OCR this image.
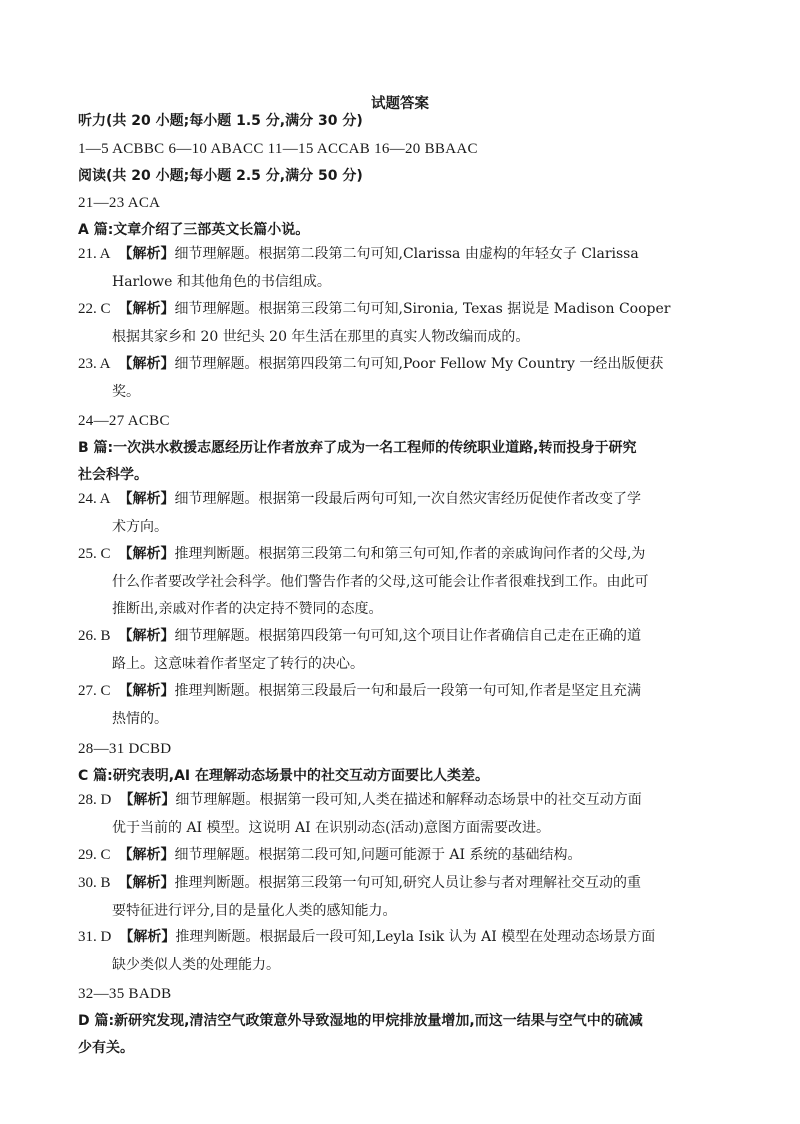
试题答案
听力(共 20 小题;每小题 1.5 分,满分 30 分)
1—5 ACBBC 6—10 ABACC 11—15 ACCAB 16—20 BBAAC
阅读(共 20 小题;每小题 2.5 分,满分 50 分)
21—23 ACA
A 篇:文章介绍了三部英文长篇小说。
21. A 【解析】细节理解题。根据第二段第二句可知,Clarissa 由虚构的年轻女子 Clarissa
Harlowe 和其他角色的书信组成。
22. C 【解析】细节理解题。根据第三段第二句可知,Sironia, Texas 据说是 Madison Cooper
根据其家乡和 20 世纪头 20 年生活在那里的真实人物改编而成的。
23. A 【解析】细节理解题。根据第四段第二句可知,Poor Fellow My Country 一经出版便获
奖。
24—27 ACBC
B 篇:一次洪水救援志愿经历让作者放弃了成为一名工程师的传统职业道路,转而投身于研究
社会科学。
24. A 【解析】细节理解题。根据第一段最后两句可知,一次自然灾害经历促使作者改变了学
术方向。
25. C 【解析】推理判断题。根据第三段第二句和第三句可知,作者的亲戚询问作者的父母,为
什么作者要改学社会科学。他们警告作者的父母,这可能会让作者很难找到工作。由此可
推断出,亲戚对作者的决定持不赞同的态度。
26. B 【解析】细节理解题。根据第四段第一句可知,这个项目让作者确信自己走在正确的道
路上。这意味着作者坚定了转行的决心。
27. C 【解析】推理判断题。根据第三段最后一句和最后一段第一句可知,作者是坚定且充满
热情的。
28—31 DCBD
C 篇:研究表明,AI 在理解动态场景中的社交互动方面要比人类差。
28. D 【解析】细节理解题。根据第一段可知,人类在描述和解释动态场景中的社交互动方面
优于当前的 AI 模型。这说明 AI 在识别动态(活动)意图方面需要改进。
29. C 【解析】细节理解题。根据第二段可知,问题可能源于 AI 系统的基础结构。
30. B 【解析】推理判断题。根据第三段第一句可知,研究人员让参与者对理解社交互动的重
要特征进行评分,目的是量化人类的感知能力。
31. D 【解析】推理判断题。根据最后一段可知,Leyla Isik 认为 AI 模型在处理动态场景方面
缺少类似人类的处理能力。
32—35 BADB
D 篇:新研究发现,清洁空气政策意外导致湿地的甲烷排放量增加,而这一结果与空气中的硫减
少有关。
